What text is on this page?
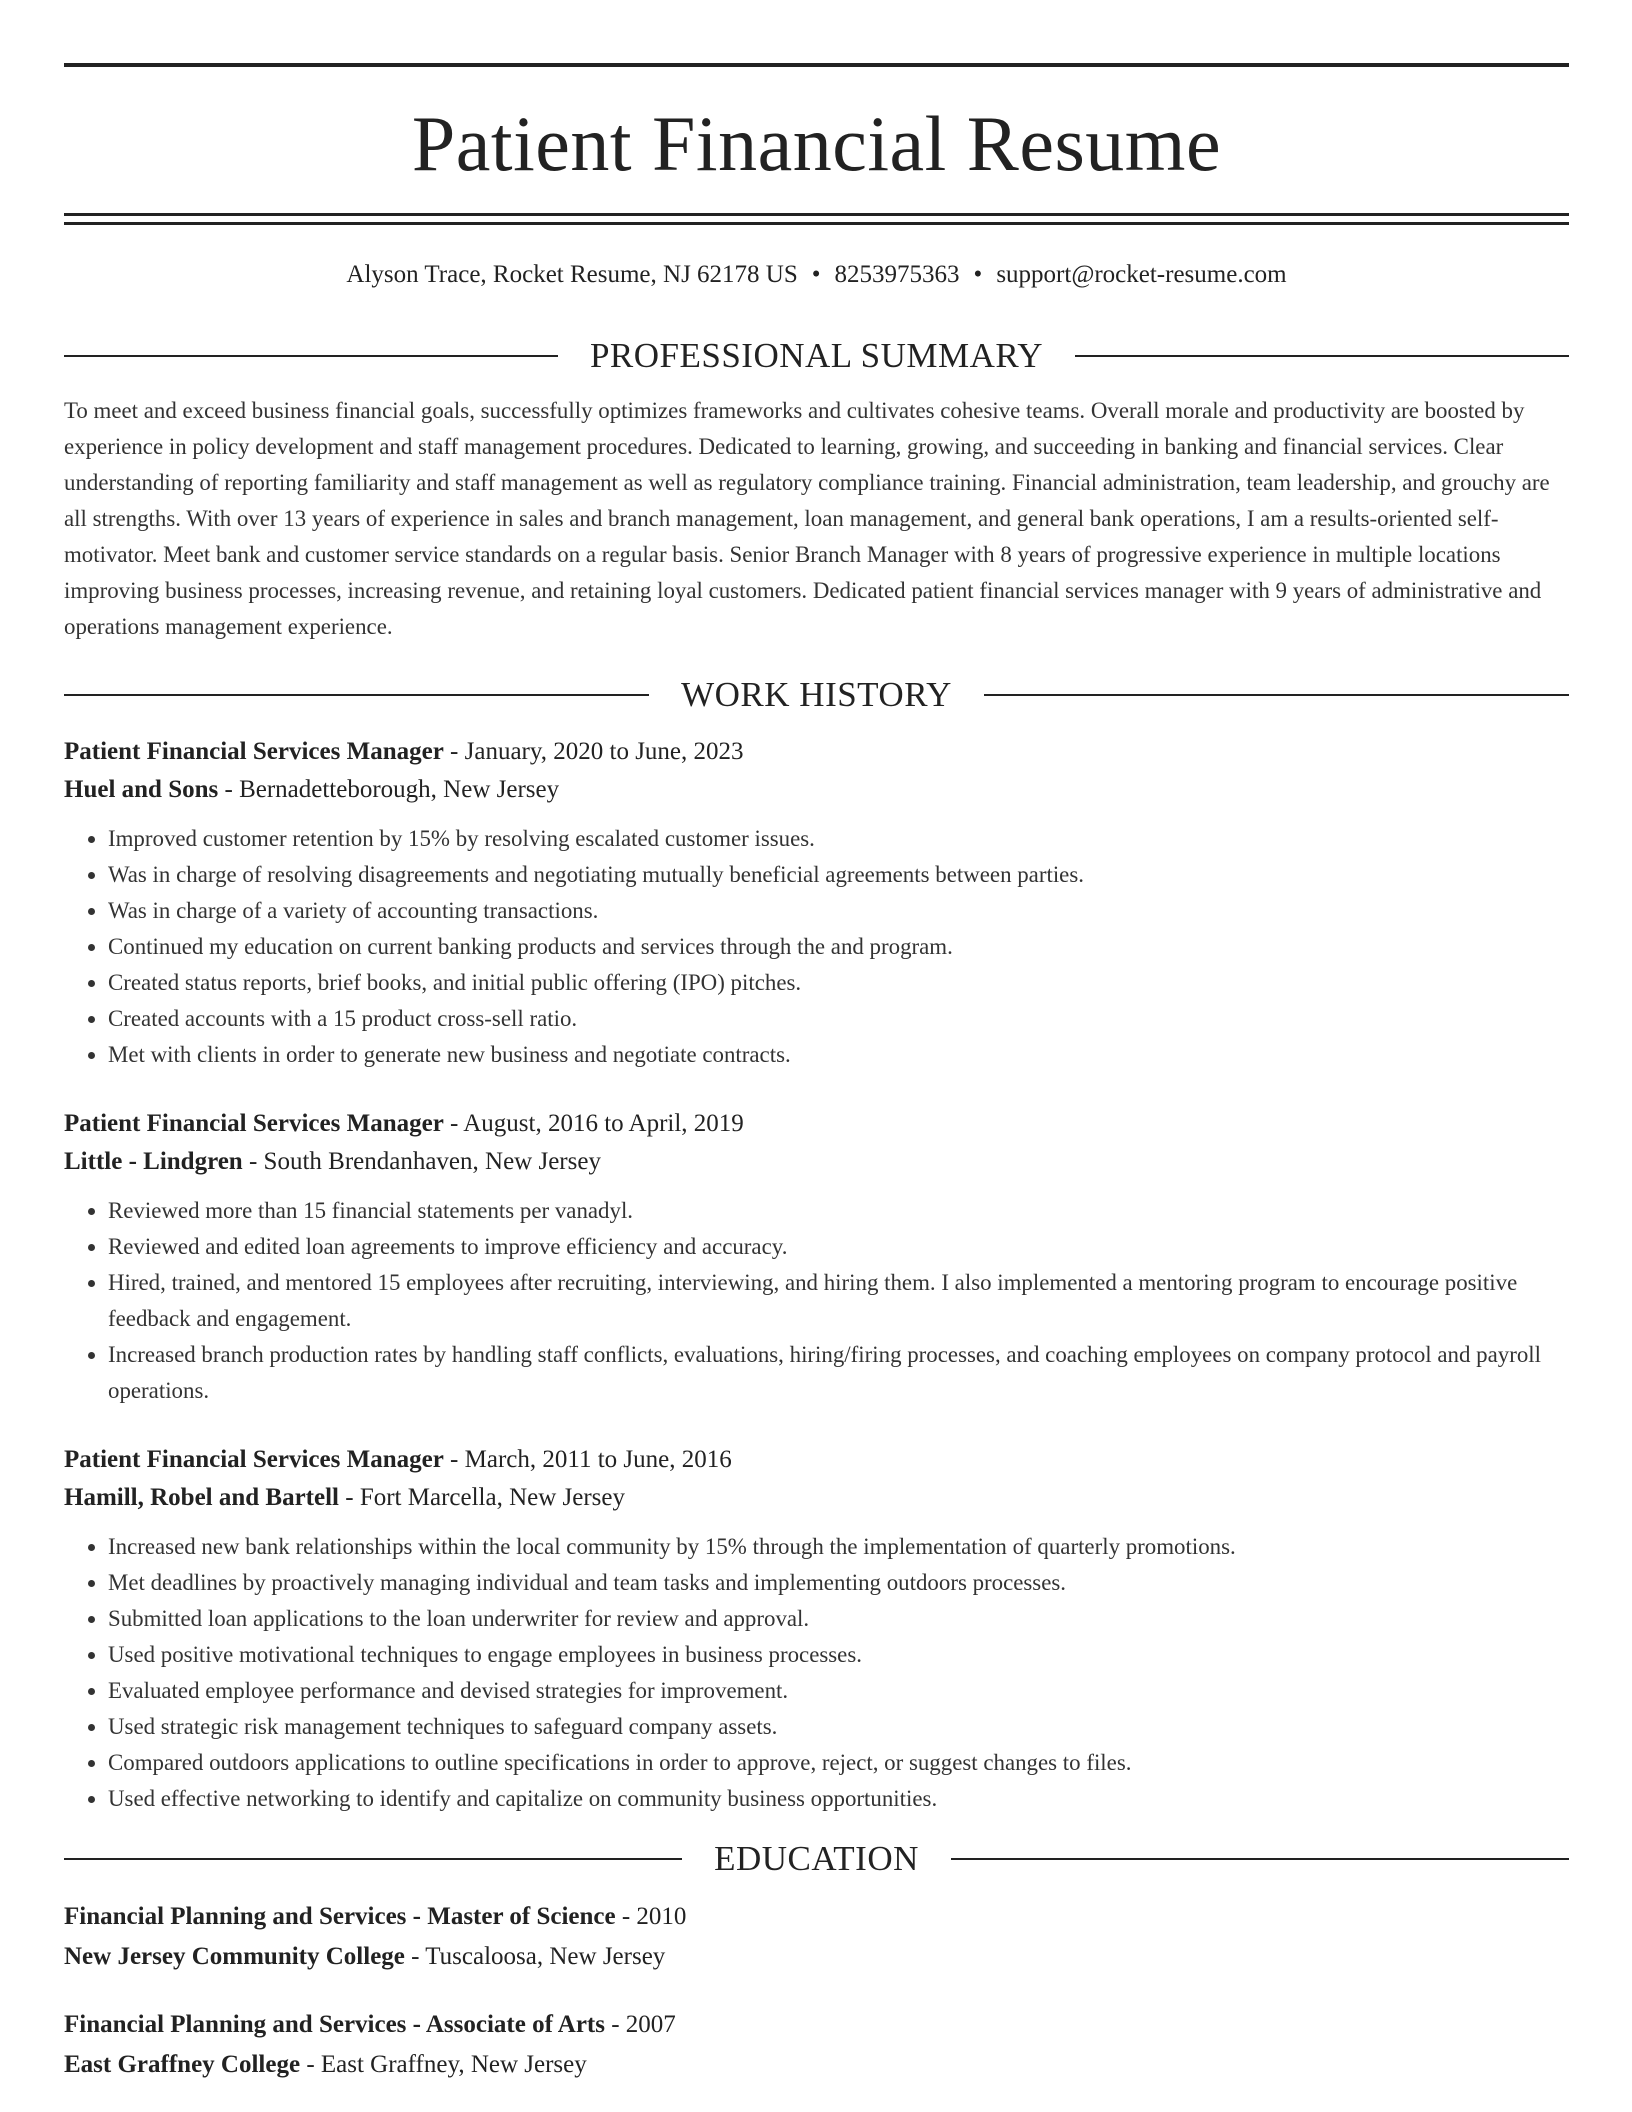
Patient Financial Resume
Alyson Trace, Rocket Resume, NJ 62178 US • 8253975363 • support@rocket-resume.com
PROFESSIONAL SUMMARY

To meet and exceed business financial goals, successfully optimizes frameworks and cultivates cohesive teams. Overall morale and productivity are boosted by experience in policy development and staff management procedures. Dedicated to learning, growing, and succeeding in banking and financial services. Clear understanding of reporting familiarity and staff management as well as regulatory compliance training. Financial administration, team leadership, and grouchy are all strengths. With over 13 years of experience in sales and branch management, loan management, and general bank operations, I am a results-oriented self-motivator. Meet bank and customer service standards on a regular basis. Senior Branch Manager with 8 years of progressive experience in multiple locations improving business processes, increasing revenue, and retaining loyal customers. Dedicated patient financial services manager with 9 years of administrative and operations management experience.

WORK HISTORY
Patient Financial Services Manager - January, 2020 to June, 2023
Huel and Sons - Bernadetteborough, New Jersey
• Improved customer retention by 15% by resolving escalated customer issues.
• Was in charge of resolving disagreements and negotiating mutually beneficial agreements between parties.
• Was in charge of a variety of accounting transactions.
• Continued my education on current banking products and services through the and program.
• Created status reports, brief books, and initial public offering (IPO) pitches.
• Created accounts with a 15 product cross-sell ratio.
• Met with clients in order to generate new business and negotiate contracts.
Patient Financial Services Manager - August, 2016 to April, 2019
Little - Lindgren - South Brendanhaven, New Jersey
• Reviewed more than 15 financial statements per vanadyl.
• Reviewed and edited loan agreements to improve efficiency and accuracy.
• Hired, trained, and mentored 15 employees after recruiting, interviewing, and hiring them. I also implemented a mentoring program to encourage positive feedback and engagement.
• Increased branch production rates by handling staff conflicts, evaluations, hiring/firing processes, and coaching employees on company protocol and payroll operations.
Patient Financial Services Manager - March, 2011 to June, 2016
Hamill, Robel and Bartell - Fort Marcella, New Jersey
• Increased new bank relationships within the local community by 15% through the implementation of quarterly promotions.
• Met deadlines by proactively managing individual and team tasks and implementing outdoors processes.
• Submitted loan applications to the loan underwriter for review and approval.
• Used positive motivational techniques to engage employees in business processes.
• Evaluated employee performance and devised strategies for improvement.
• Used strategic risk management techniques to safeguard company assets.
• Compared outdoors applications to outline specifications in order to approve, reject, or suggest changes to files.
• Used effective networking to identify and capitalize on community business opportunities.
EDUCATION
Financial Planning and Services - Master of Science - 2010
New Jersey Community College - Tuscaloosa, New Jersey
Financial Planning and Services - Associate of Arts - 2007
East Graffney College - East Graffney, New Jersey
